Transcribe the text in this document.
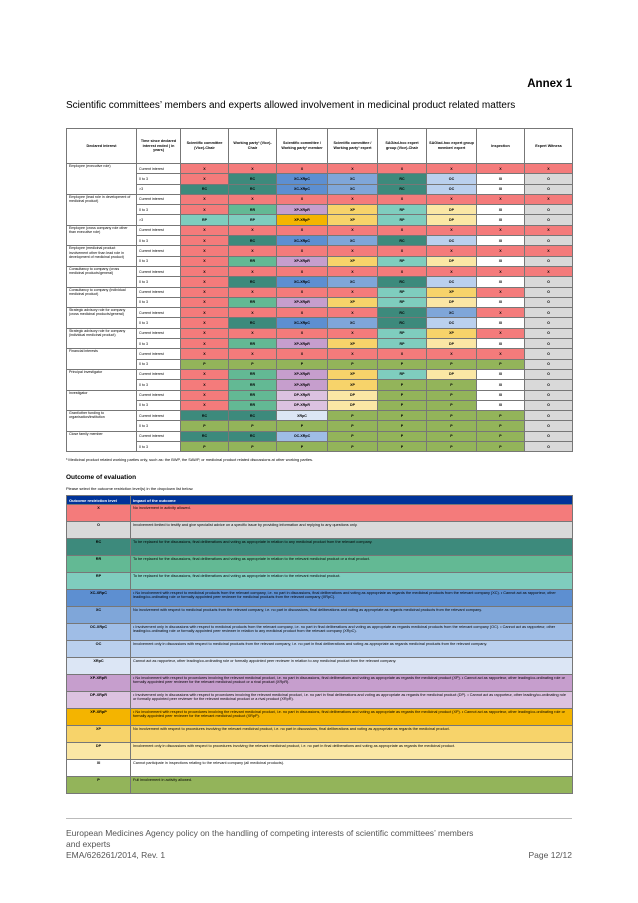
Annex 1
Scientific committees’ members and experts allowed involvement in medicinal product related matters
Declared interest	Time since declared interest ended ( in years)	Scientific committee (Vice)-Chair	Working party³ (Vice)-Chair	Scientific committee / Working party³ member	Scientific committee / Working party³ expert	SAG/ad-hoc expert group (Vice)-Chair	SAG/ad-hoc expert group member/ expert	Inspection	Expert Witness
Employee (executive role)	Current interest	X	X	X	X	X	X	X	X
	0 to 3	X	RC	XC-XRpC	XC	RC	OC	XI	O
	>3	RC	RC	XC-XRpC	XC	RC	OC	XI	O
Employee (lead role in development of medicinal product)	Current interest	X	X	X	X	X	X	X	X
	0 to 3	X	RR	XP-XRpR	XP	RP	DP	XI	O
	>3	RP	RP	XP-XRpP	XP	RP	DP	XI	O
Employee (cross company role other than executive role)	Current interest	X	X	X	X	X	X	X	X
	0 to 3	X	RC	XC-XRpC	XC	RC	OC	XI	O
Employee (medicinal product involvement other than lead role in development of medicinal product)	Current interest	X	X	X	X	X	X	X	X
	0 to 3	X	RR	XP-XRpR	XP	RP	DP	XI	O
Consultancy to company (cross medicinal products/general)	Current interest	X	X	X	X	X	X	X	X
	0 to 3	X	RC	XC-XRpC	XC	RC	OC	XI	O
Consultancy to company (individual medicinal product)	Current interest	X	X	X	X	RP	XP	X	O
	0 to 3	X	RR	XP-XRpR	XP	RP	DP	XI	O
Strategic advisory role for company (cross medicinal products/general)	Current interest	X	X	X	X	RC	XC	X	O
	0 to 3	X	RC	XC-XRpC	XC	RC	OC	XI	O
Strategic advisory role for company (individual medicinal product)	Current interest	X	X	X	X	RP	XP	X	O
	0 to 3	X	RR	XP-XRpR	XP	RP	DP	XI	O
Financial interests	Current interest	X	X	X	X	X	X	X	O
	0 to 3	P	P	P	P	P	P	P	O
Principal investigator	Current interest	X	RR	XP-XRpR	XP	RP	DP	XI	O
	0 to 3	X	RR	XP-XRpR	XP	P	P	XI	O
Investigator	Current interest	X	RR	DP-XRpR	DP	P	P	XI	O
	0 to 3	X	RR	DP-XRpR	DP	P	P	XI	O
Grant/other funding to organisation/institution	Current interest	RC	RC	XRpC	P	P	P	P	O
	0 to 3	P	P	P	P	P	P	P	O
Close family member	Current interest	RC	RC	OC-XRpC	P	P	P	P	O
	0 to 3	P	P	P	P	P	P	P	O
³ Medicinal product related working parties only, such as: the BWP, the SAWP, or medicinal product related discussions at other working parties.
Outcome of evaluation
Please select the outcome restriction level(s) in the dropdown list below.
Outcome restriction level	Impact of the outcome
X	No involvement in activity allowed.
O	Involvement limited to testify and give specialist advice on a specific issue by providing information and replying to any questions only.
RC	To be replaced for the discussions, final deliberations and voting as appropriate in relation to any medicinal product from the relevant company.
RR	To be replaced for the discussions, final deliberations and voting as appropriate in relation to the relevant medicinal product or a rival product.
RP	To be replaced for the discussions, final deliberations and voting as appropriate in relation to the relevant medicinal product.
XC-XRpC	• No involvement with respect to medicinal products from the relevant company, i.e. no part in discussions, final deliberations and voting as appropriate as regards the medicinal products from the relevant company (XC). • Cannot act as rapporteur, other leading/co-ordinating role or formally appointed peer reviewer for medicinal products from the relevant company (XRpC).
XC	No involvement with respect to medicinal products from the relevant company, i.e. no part in discussions, final deliberations and voting as appropriate as regards medicinal products from the relevant company.
OC-XRpC	• Involvement only in discussions with respect to medicinal products from the relevant company, i.e. no part in final deliberations and voting as appropriate as regards medicinal products from the relevant company (OC). • Cannot act as rapporteur, other leading/co-ordinating role or formally appointed peer reviewer in relation to any medicinal product from the relevant company (XRpC).
OC	Involvement only in discussions with respect to medicinal products from the relevant company, i.e. no part in final deliberations and voting as appropriate as regards medicinal products from the relevant company.
XRpC	Cannot act as rapporteur, other leading/co-ordinating role or formally appointed peer reviewer in relation to any medicinal product from the relevant company.
XP-XRpR	• No involvement with respect to procedures involving the relevant medicinal product, i.e. no part in discussions, final deliberations and voting as appropriate as regards the medicinal product (XP). • Cannot act as rapporteur, other leading/co-ordinating role or formally appointed peer reviewer for the relevant medicinal product or a rival product (XRpR).
DP-XRpR	• Involvement only in discussions with respect to procedures involving the relevant medicinal product, i.e. no part in final deliberations and voting as appropriate as regards the medicinal product (DP). • Cannot act as rapporteur, other leading/co-ordinating role or formally appointed peer reviewer for the relevant medicinal product or a rival product (XRpR).
XP-XRpP	• No involvement with respect to procedures involving the relevant medicinal product, i.e. no part in discussions, final deliberations and voting as appropriate as regards the medicinal product (XP). • Cannot act as rapporteur, other leading/co-ordinating role or formally appointed peer reviewer for the relevant medicinal product (XRpP).
XP	No involvement with respect to procedures involving the relevant medicinal product, i.e. no part in discussions, final deliberations and voting as appropriate as regards the medicinal product.
DP	Involvement only in discussions with respect to procedures involving the relevant medicinal product, i.e. no part in final deliberations and voting as appropriate as regards the medicinal product.
XI	Cannot participate in inspections relating to the relevant company (all medicinal products).
P	Full involvement in activity allowed.
European Medicines Agency policy on the handling of competing interests of scientific committees’ members and experts
EMA/626261/2014, Rev. 1	Page 12/12
